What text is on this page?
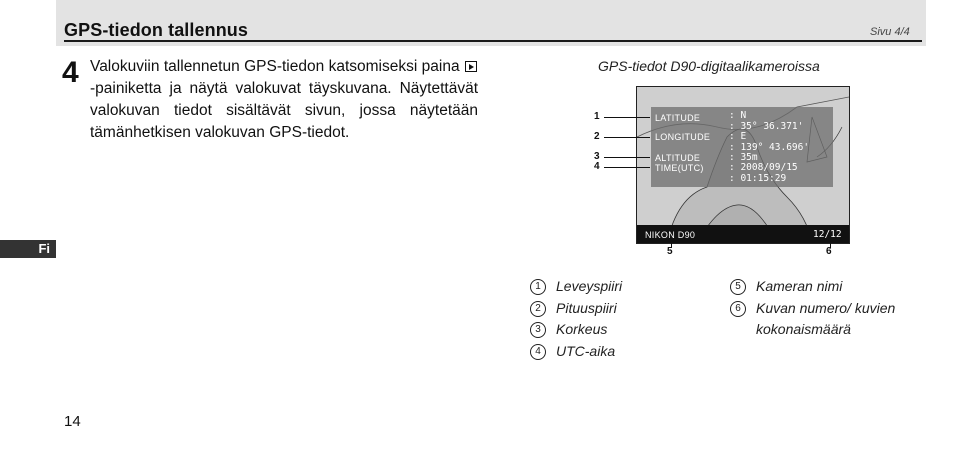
GPS-tiedon tallennus	Sivu 4/4
4 Valokuviin tallennetun GPS-tiedon katsomiseksi paina -painiketta ja näytä valokuvat täyskuvana. Näytettävät valokuvan tiedot sisältävät sivun, jossa näytetään tämänhetkisen valokuvan GPS-tiedot.
Fi
GPS-tiedot D90-digitaalikameroissa
LATITUDE	: N
: 35° 36.371'
LONGITUDE : E
: 139° 43.696'
ALTITUDE	: 35m
TIME(UTC)	: 2008/09/15
: 01:15:29
NIKON D90	12/12
1
2
3
4
5	6
1	Leveyspiiri
2	Pituuspiiri
3	Korkeus
4	UTC-aika
5	Kameran nimi
6	Kuvan numero/ kuvien kokonaismäärä
14
